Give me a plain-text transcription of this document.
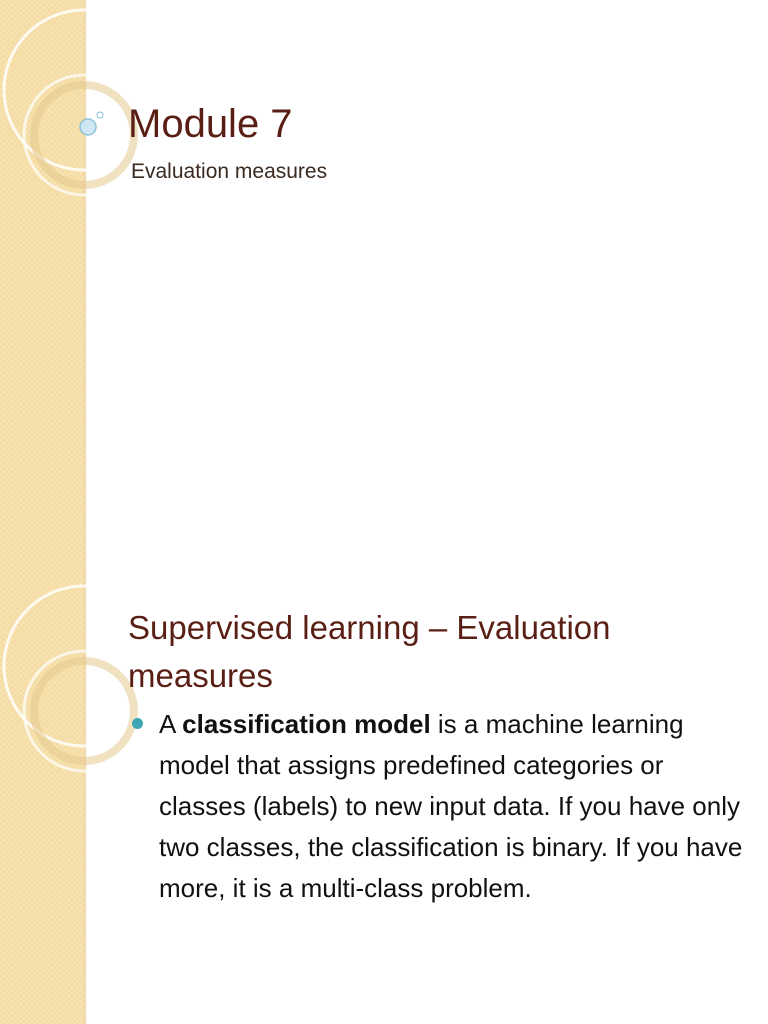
Module 7

Evaluation measures

Supervised learning – Evaluation measures
A classification model is a machine learning model that assigns predefined categories or classes (labels) to new input data. If you have only two classes, the classification is binary. If you have more, it is a multi-class problem.
